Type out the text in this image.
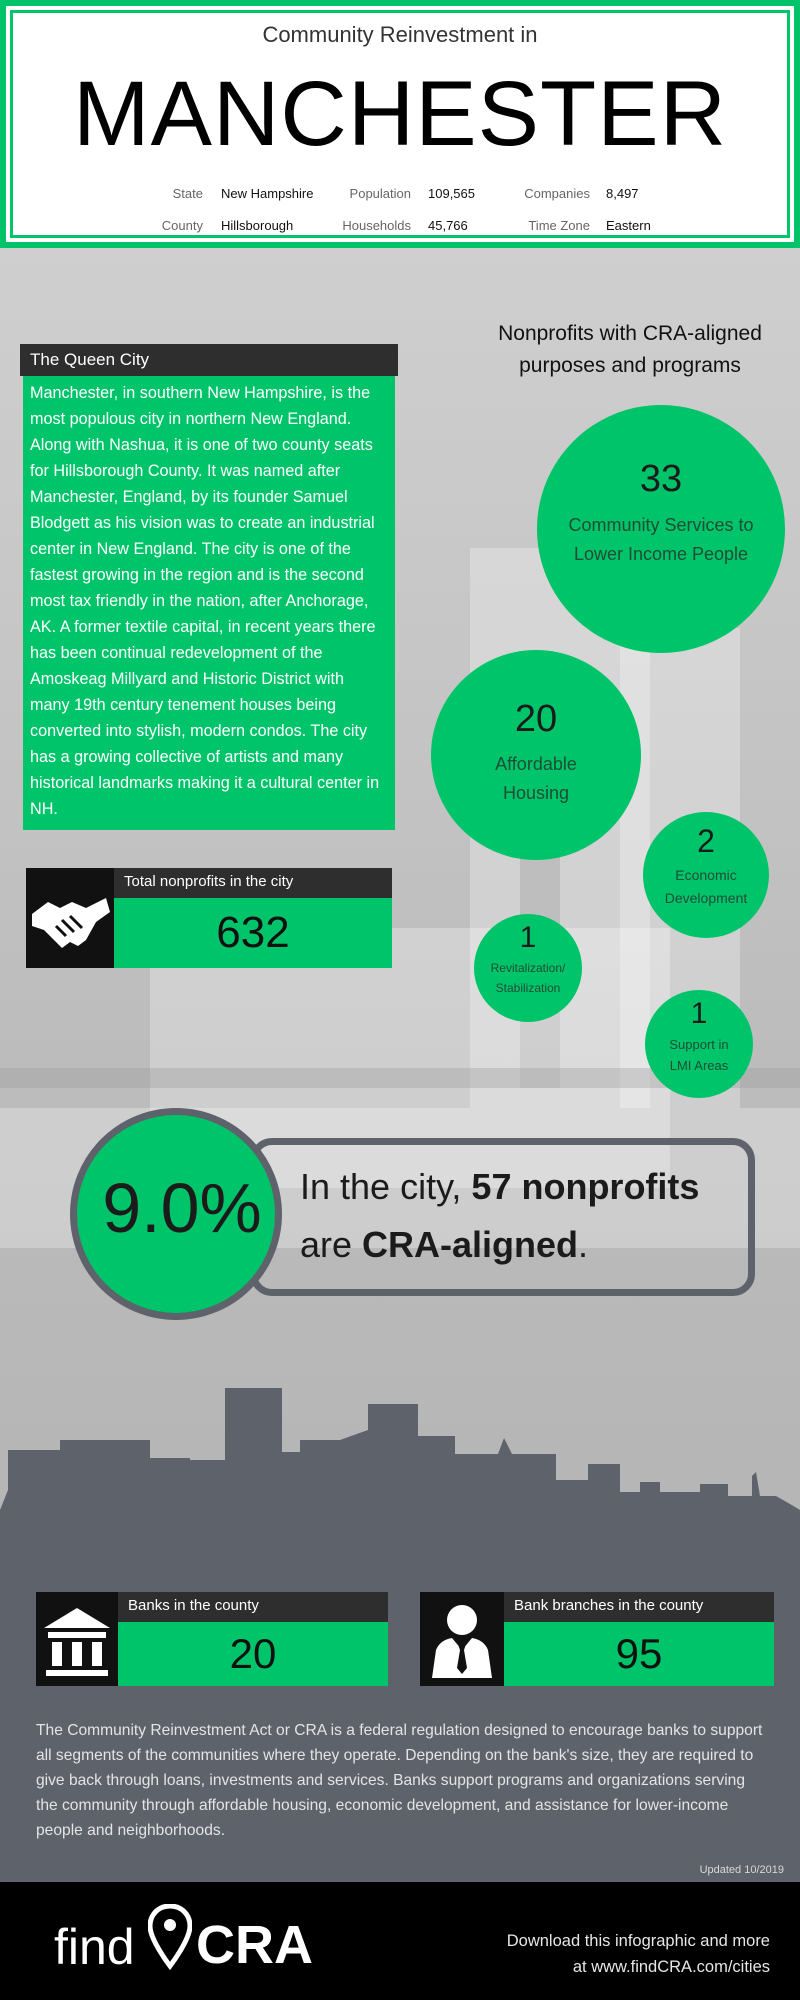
Community Reinvestment in
MANCHESTER
State New Hampshire
County Hillsborough
Population 109,565
Households 45,766
Companies 8,497
Time Zone Eastern
The Queen City
Manchester, in southern New Hampshire, is the most populous city in northern New England. Along with Nashua, it is one of two county seats for Hillsborough County. It was named after Manchester, England, by its founder Samuel Blodgett as his vision was to create an industrial center in New England. The city is one of the fastest growing in the region and is the second most tax friendly in the nation, after Anchorage, AK. A former textile capital, in recent years there has been continual redevelopment of the Amoskeag Millyard and Historic District with many 19th century tenement houses being converted into stylish, modern condos. The city has a growing collective of artists and many historical landmarks making it a cultural center in NH.
Total nonprofits in the city
632
Nonprofits with CRA-aligned purposes and programs
33
Community Services to Lower Income People
20
Affordable Housing
2
Economic Development
1
Revitalization/ Stabilization
1
Support in LMI Areas
9.0%	In the city, 57 nonprofits
are CRA-aligned.
Banks in the county
20
Bank branches in the county
95
The Community Reinvestment Act or CRA is a federal regulation designed to encourage banks to support all segments of the communities where they operate. Depending on the bank's size, they are required to give back through loans, investments and services. Banks support programs and organizations serving the community through affordable housing, economic development, and assistance for lower-income people and neighborhoods.
Updated 10/2019
find CRA	Download this infographic and more
at www.findCRA.com/cities
